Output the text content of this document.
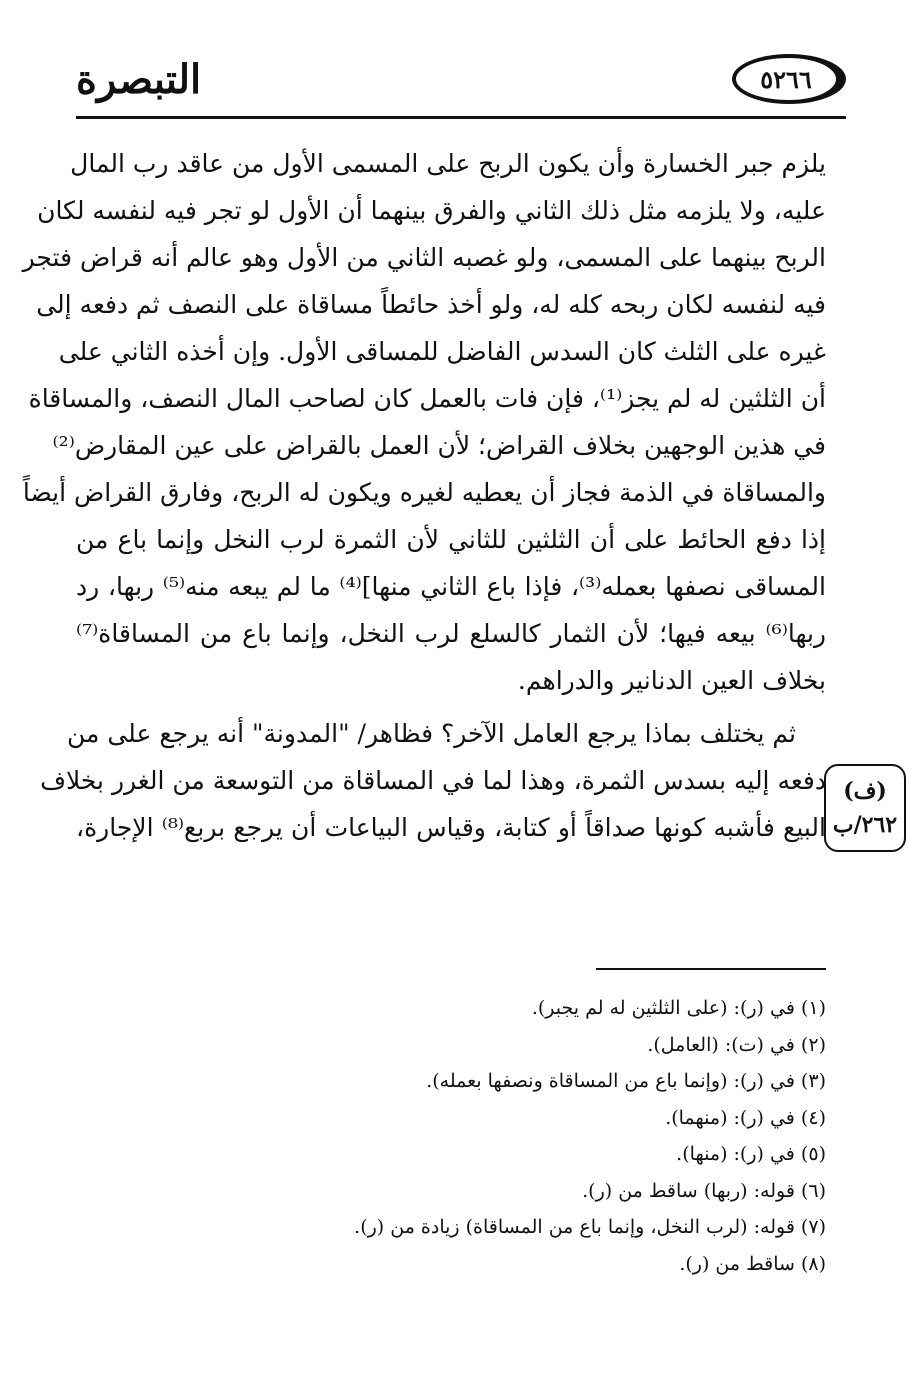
التبصرة	٥٢٦٦
يلزم جبر الخسارة وأن يكون الربح على المسمى الأول من عاقد رب المال
عليه، ولا يلزمه مثل ذلك الثاني والفرق بينهما أن الأول لو تجر فيه لنفسه لكان
الربح بينهما على المسمى، ولو غصبه الثاني من الأول وهو عالم أنه قراض فتجر
فيه لنفسه لكان ربحه كله له، ولو أخذ حائطاً مساقاة على النصف ثم دفعه إلى
غيره على الثلث كان السدس الفاضل للمساقى الأول. وإن أخذه الثاني على
أن الثلثين له لم يجز⁽¹⁾، فإن فات بالعمل كان لصاحب المال النصف، والمساقاة
في هذين الوجهين بخلاف القراض؛ لأن العمل بالقراض على عين المقارض⁽²⁾
والمساقاة في الذمة فجاز أن يعطيه لغيره ويكون له الربح، وفارق القراض أيضاً
إذا دفع الحائط على أن الثلثين للثاني لأن الثمرة لرب النخل وإنما باع من
المساقى نصفها بعمله⁽³⁾، فإذا باع الثاني منها]⁽⁴⁾ ما لم يبعه منه⁽⁵⁾ ربها، رد
ربها⁽⁶⁾ بيعه فيها؛ لأن الثمار كالسلع لرب النخل، وإنما باع من المساقاة⁽⁷⁾
بخلاف العين الدنانير والدراهم.
ثم يختلف بماذا يرجع العامل الآخر؟ فظاهر/ "المدونة" أنه يرجع على من
دفعه إليه بسدس الثمرة، وهذا لما في المساقاة من التوسعة من الغرر بخلاف
البيع فأشبه كونها صداقاً أو كتابة، وقياس البياعات أن يرجع بربع⁽⁸⁾ الإجارة،
(ف)
٢٦٢/ب
(١) في (ر): (على الثلثين له لم يجبر).
(٢) في (ت): (العامل).
(٣) في (ر): (وإنما باع من المساقاة ونصفها بعمله).
(٤) في (ر): (منهما).
(٥) في (ر): (منها).
(٦) قوله: (ربها) ساقط من (ر).
(٧) قوله: (لرب النخل، وإنما باع من المساقاة) زيادة من (ر).
(٨) ساقط من (ر).
